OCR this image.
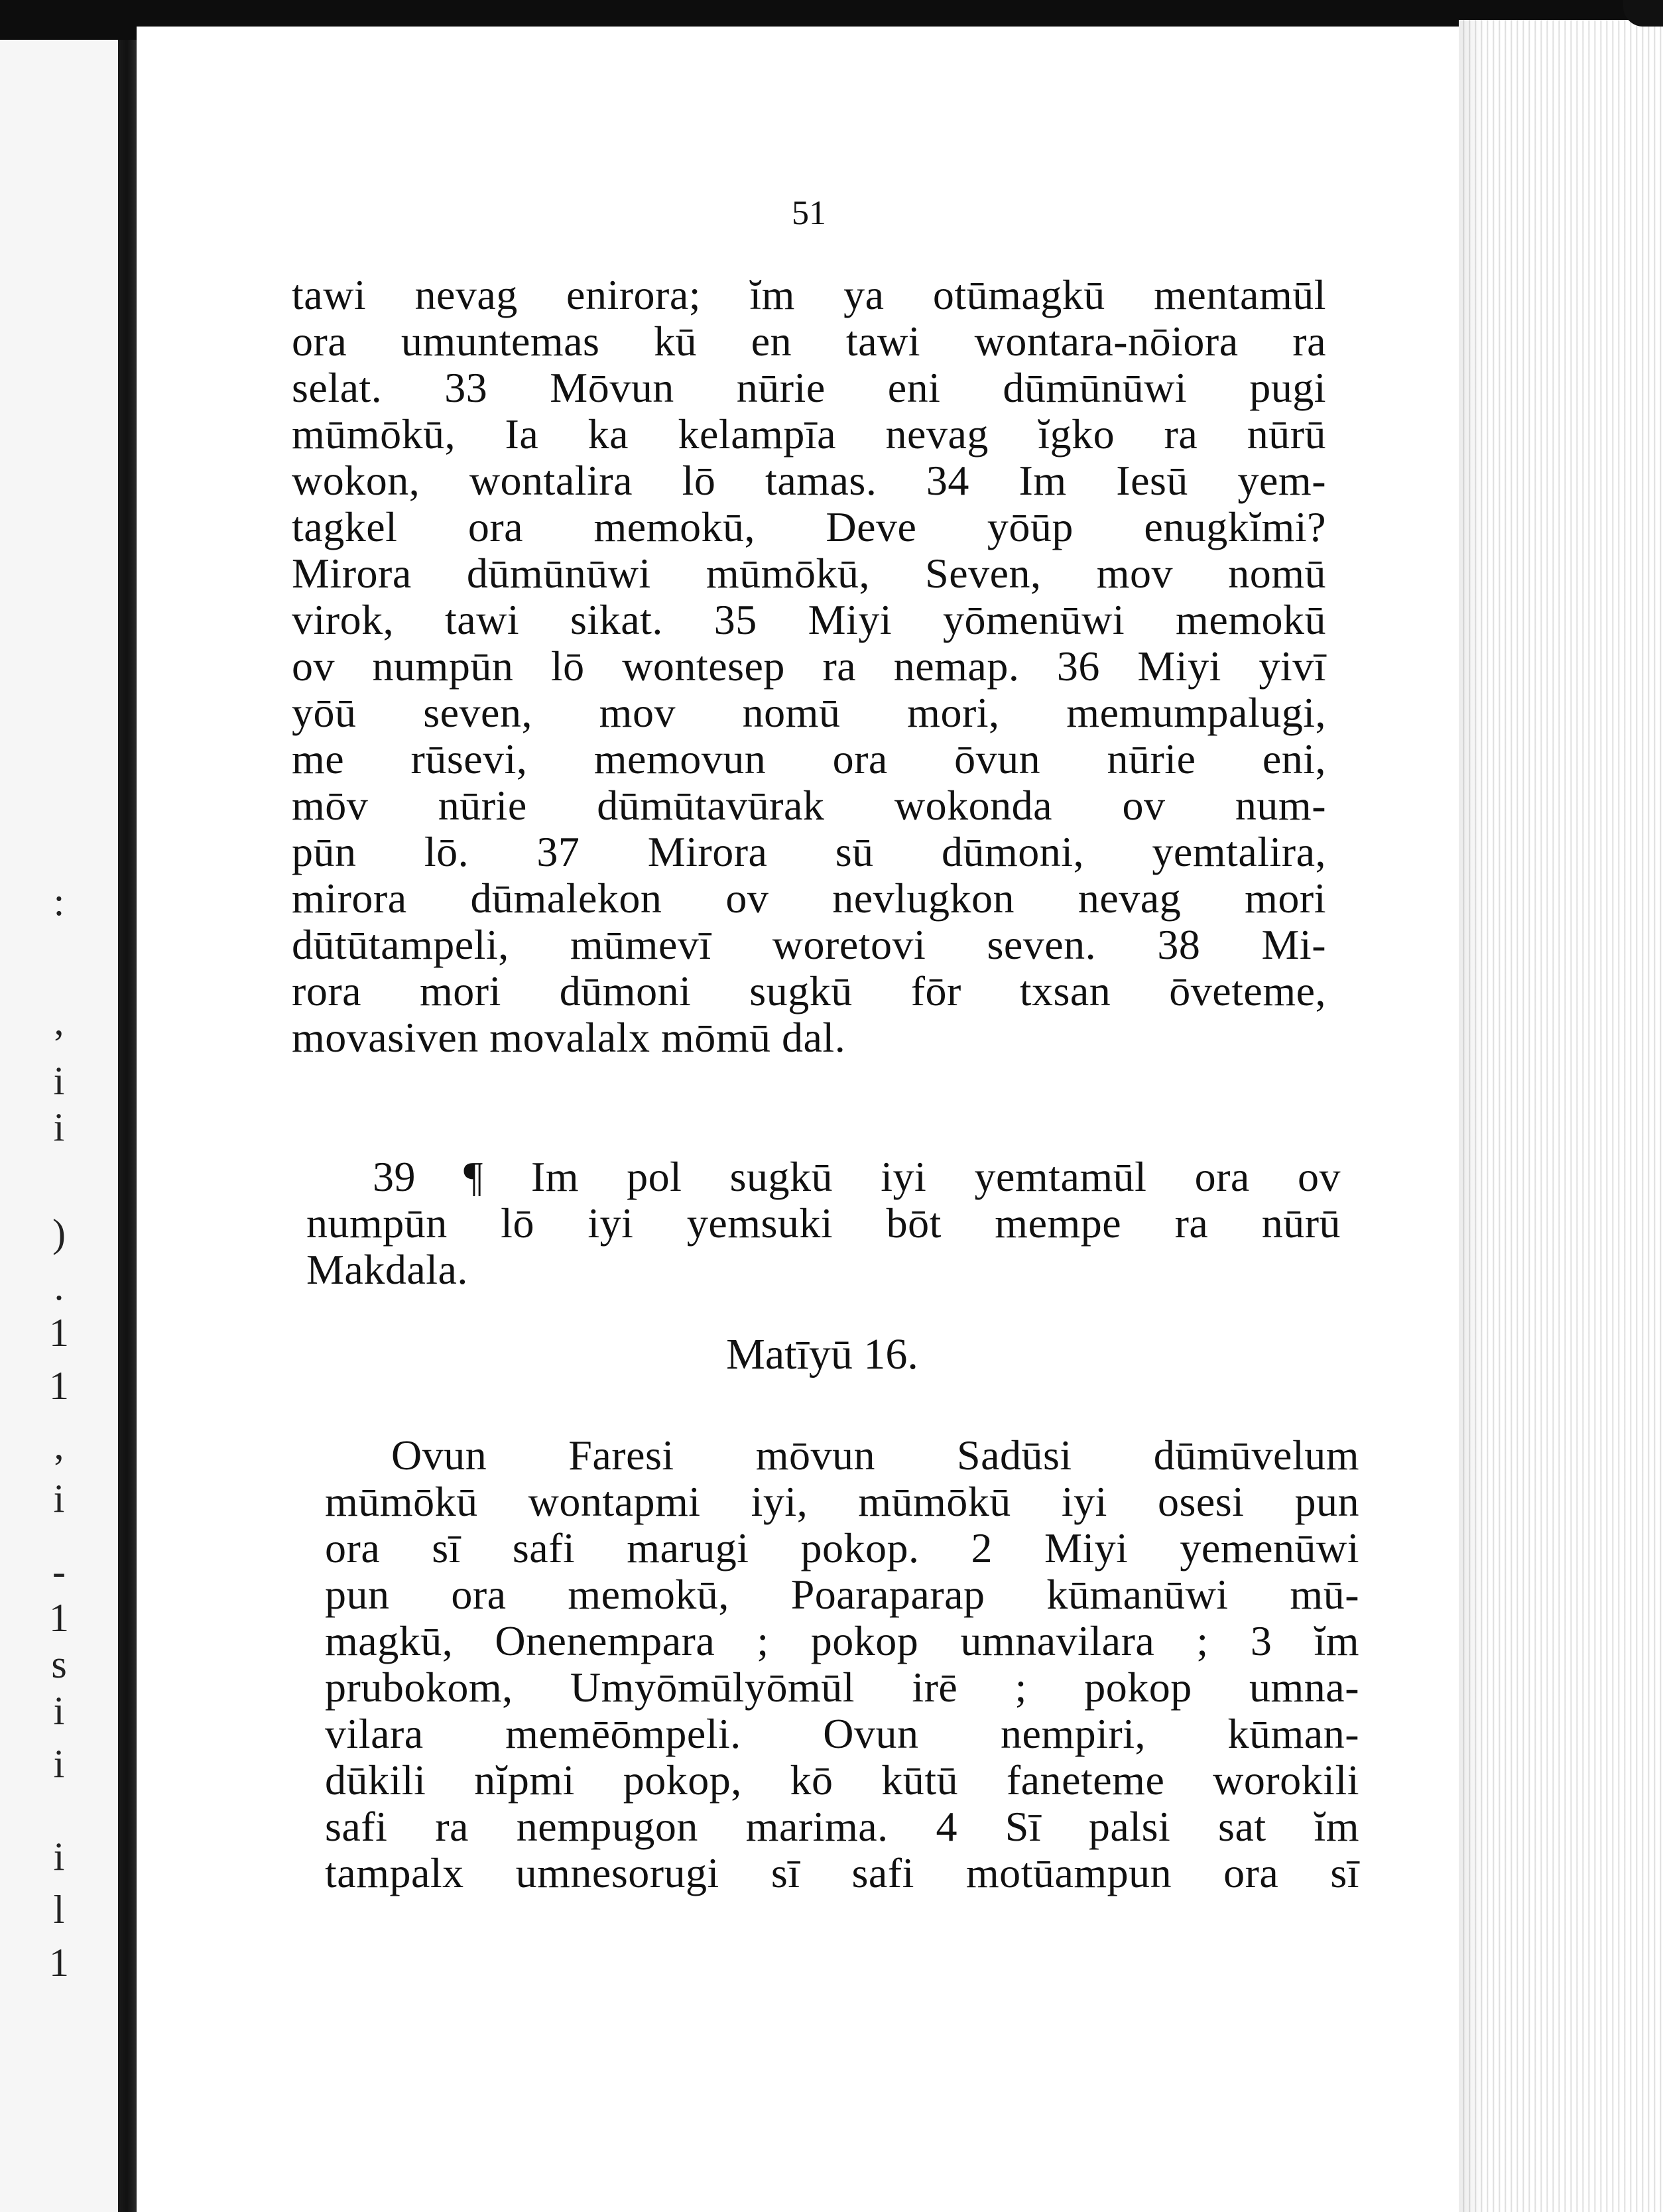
:
,
i
i
)
.
1
1
,
i
-
1
s
i
i
i
l
1
51
tawi nevag enirora; ĭm ya otūmagkū mentamūl
ora umuntemas kū en tawi wontara-nōiora ra
selat. 33 Mōvun nūrie eni dūmūnūwi pugi
mūmōkū, Ia ka kelampīa nevag ĭgko ra nūrū
wokon, wontalira lō tamas. 34 Im Iesū yem-
tagkel ora memokū, Deve yōūp enugkĭmi?
Mirora dūmūnūwi mūmōkū, Seven, mov nomū
virok, tawi sikat. 35 Miyi yōmenūwi memokū
ov numpūn lō wontesep ra nemap. 36 Miyi yivī
yōū seven, mov nomū mori, memumpalugi,
me rūsevi, memovun ora ōvun nūrie eni,
mōv nūrie dūmūtavūrak wokonda ov num-
pūn lō. 37 Mirora sū dūmoni, yemtalira,
mirora dūmalekon ov nevlugkon nevag mori
dūtūtampeli, mūmevī woretovi seven. 38 Mi-
rora mori dūmoni sugkū fōr txsan ōveteme,
movasiven movalalx mōmū dal.
39 ¶ Im pol sugkū iyi yemtamūl ora ov
numpūn lō iyi yemsuki bōt mempe ra nūrū
Makdala.
Matīyū 16.
Ovun Faresi mōvun Sadūsi dūmūvelum
mūmōkū wontapmi iyi, mūmōkū iyi osesi pun
ora sī safi marugi pokop. 2 Miyi yemenūwi
pun ora memokū, Poaraparap kūmanūwi mū-
magkū, Onenempara ; pokop umnavilara ; 3 ĭm
prubokom, Umyōmūlyōmūl irē ; pokop umna-
vilara memēōmpeli. Ovun nempiri, kūman-
dūkili nĭpmi pokop, kō kūtū faneteme worokili
safi ra nempugon marima. 4 Sī palsi sat ĭm
tampalx umnesorugi sī safi motūampun ora sī
